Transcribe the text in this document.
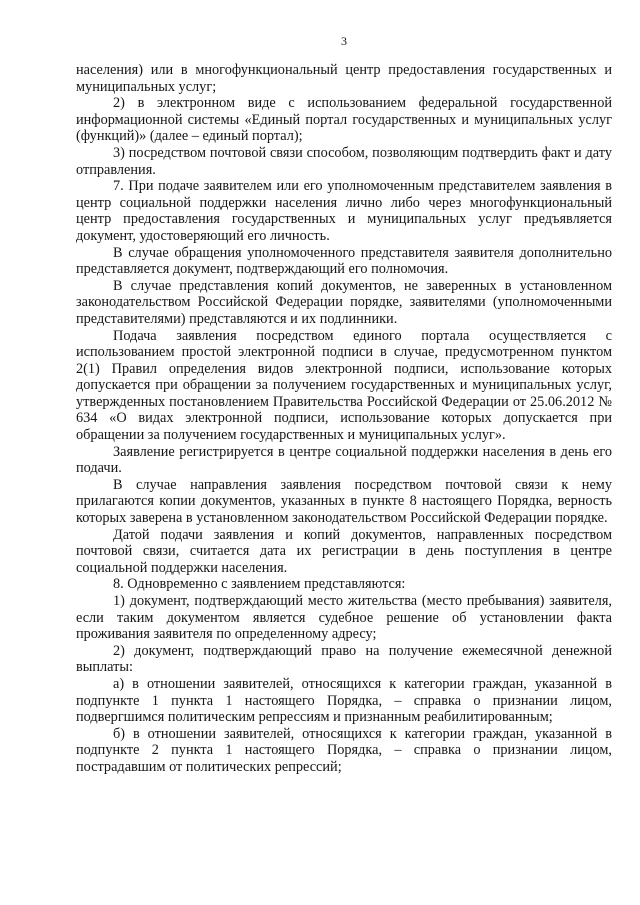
3

населения) или в многофункциональный центр предоставления государственных и муниципальных услуг;

2) в электронном виде с использованием федеральной государственной информационной системы «Единый портал государственных и муниципальных услуг (функций)» (далее – единый портал);

3) посредством почтовой связи способом, позволяющим подтвердить факт и дату отправления.

7. При подаче заявителем или его уполномоченным представителем заявления в центр социальной поддержки населения лично либо через многофункциональный центр предоставления государственных и муниципальных услуг предъявляется документ, удостоверяющий его личность.

В случае обращения уполномоченного представителя заявителя дополнительно представляется документ, подтверждающий его полномочия.

В случае представления копий документов, не заверенных в установленном законодательством Российской Федерации порядке, заявителями (уполномоченными представителями) представляются и их подлинники.

Подача заявления посредством единого портала осуществляется с использованием простой электронной подписи в случае, предусмотренном пунктом 2(1) Правил определения видов электронной подписи, использование которых допускается при обращении за получением государственных и муниципальных услуг, утвержденных постановлением Правительства Российской Федерации от 25.06.2012 № 634 «О видах электронной подписи, использование которых допускается при обращении за получением государственных и муниципальных услуг».

Заявление регистрируется в центре социальной поддержки населения в день его подачи.

В случае направления заявления посредством почтовой связи к нему прилагаются копии документов, указанных в пункте 8 настоящего Порядка, верность которых заверена в установленном законодательством Российской Федерации порядке.

Датой подачи заявления и копий документов, направленных посредством почтовой связи, считается дата их регистрации в день поступления в центре социальной поддержки населения.

8. Одновременно с заявлением представляются:

1) документ, подтверждающий место жительства (место пребывания) заявителя, если таким документом является судебное решение об установлении факта проживания заявителя по определенному адресу;

2) документ, подтверждающий право на получение ежемесячной денежной выплаты:

а) в отношении заявителей, относящихся к категории граждан, указанной в подпункте 1 пункта 1 настоящего Порядка, – справка о признании лицом, подвергшимся политическим репрессиям и признанным реабилитированным;

б) в отношении заявителей, относящихся к категории граждан, указанной в подпункте 2 пункта 1 настоящего Порядка, – справка о признании лицом, пострадавшим от политических репрессий;
